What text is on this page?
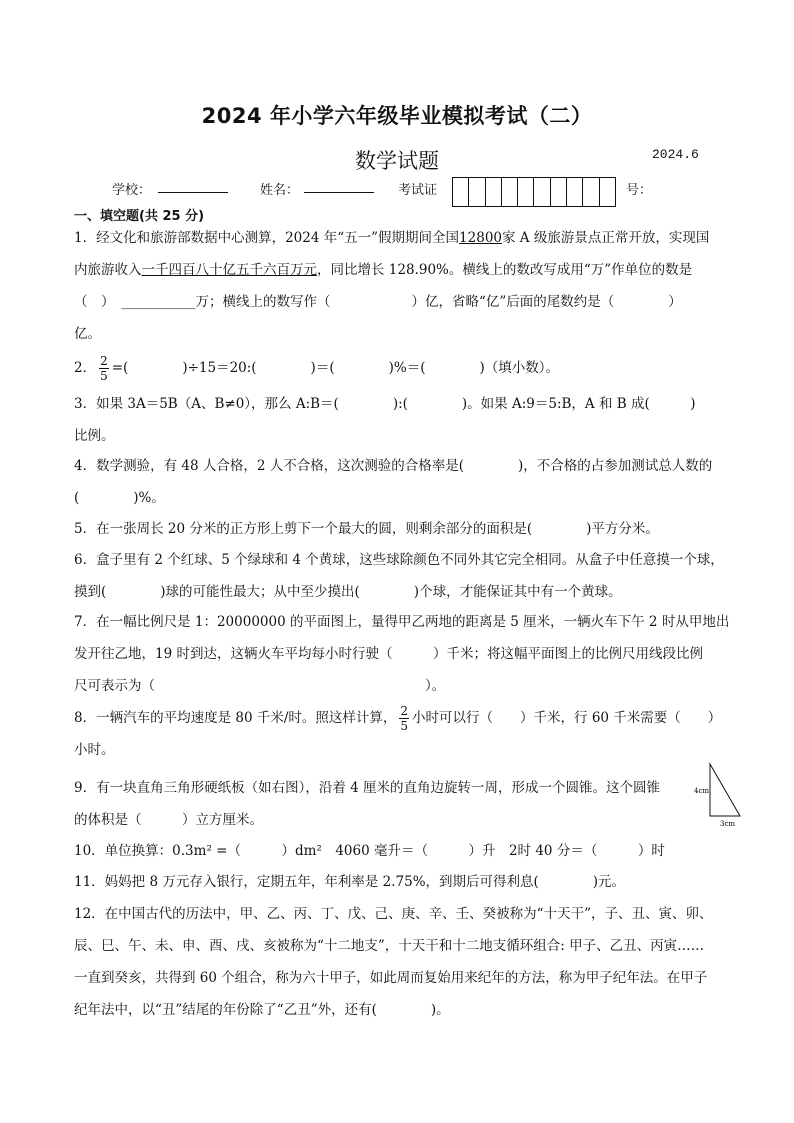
2024 年小学六年级毕业模拟考试（二）
数学试题	2024.6
学校：	姓名：	考试证	号：
一、填空题(共 25 分)
1．经文化和旅游部数据中心测算，2024 年“五一”假期期间全国12800家 A 级旅游景点正常开放，实现国
内旅游收入一千四百八十亿五千六百万元，同比增长 128.90%。横线上的数改写成用“万”作单位的数是
（　）　___________万；横线上的数写作（　　　　　　）亿，省略“亿”后面的尾数约是（　　　　）
亿。
2． $\frac{2}{5}$ =(　　　　)÷15＝20:(　　　　)＝(　　　　)%＝(　　　　)（填小数）。
3．如果 3A＝5B（A、B≠0），那么 A:B＝(　　　　):(　　　　)。如果 A:9＝5:B，A 和 B 成(　　　)
比例。
4．数学测验，有 48 人合格，2 人不合格，这次测验的合格率是(　　　　)，不合格的占参加测试总人数的
(　　　　)%。
5．在一张周长 20 分米的正方形上剪下一个最大的圆，则剩余部分的面积是(　　　　)平方分米。
6．盒子里有 2 个红球、5 个绿球和 4 个黄球，这些球除颜色不同外其它完全相同。从盒子中任意摸一个球，
摸到(　　　　)球的可能性最大；从中至少摸出(　　　　)个球，才能保证其中有一个黄球。
7．在一幅比例尺是 1：20000000 的平面图上，量得甲乙两地的距离是 5 厘米，一辆火车下午 2 时从甲地出
发开往乙地，19 时到达，这辆火车平均每小时行驶（　　　）千米；将这幅平面图上的比例尺用线段比例
尺可表示为（　　　　　　　　　　　　　　　　　　　　）。
8．一辆汽车的平均速度是 80 千米/时。照这样计算， $\frac{2}{5}$ 小时可以行（　　）千米，行 60 千米需要（　　）
小时。
9．有一块直角三角形硬纸板（如右图），沿着 4 厘米的直角边旋转一周，形成一个圆锥。这个圆锥
的体积是（　　　）立方厘米。
4cm
3cm
10．单位换算：0.3m² =（　　　）dm²　4060 毫升＝（　　　）升　2时 40 分＝（　　　）时
11．妈妈把 8 万元存入银行，定期五年，年利率是 2.75%，到期后可得利息(　　　　)元。
12．在中国古代的历法中，甲、乙、丙、丁、戊、己、庚、辛、壬、癸被称为“十天干”，子、丑、寅、卯、
辰、巳、午、未、申、酉、戌、亥被称为“十二地支”，十天干和十二地支循环组合: 甲子、乙丑、丙寅……
一直到癸亥，共得到 60 个组合，称为六十甲子，如此周而复始用来纪年的方法，称为甲子纪年法。在甲子
纪年法中，以“丑”结尾的年份除了“乙丑”外，还有(　　　　)。
